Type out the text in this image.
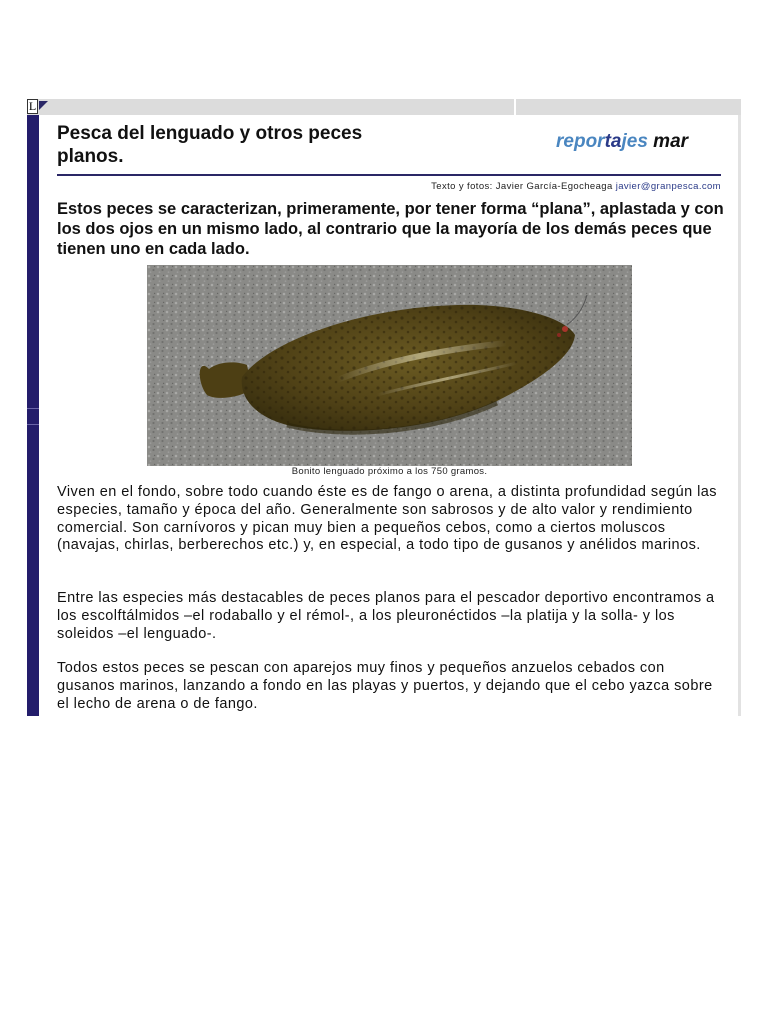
L
Pesca del lenguado y otros peces planos.
reportajes mar
Texto y fotos: Javier García-Egocheaga javier@granpesca.com
Estos peces se caracterizan, primeramente, por tener forma “plana”, aplastada y con los dos ojos en un mismo lado, al contrario que la mayoría de los demás peces que tienen uno en cada lado.
Bonito lenguado próximo a los 750 gramos.
Viven en el fondo, sobre todo cuando éste es de fango o arena, a distinta profundidad según las especies, tamaño y época del año. Generalmente son sabrosos y de alto valor y rendimiento comercial. Son carnívoros y pican muy bien a pequeños cebos, como a ciertos moluscos (navajas, chirlas, berberechos etc.) y, en especial, a todo tipo de gusanos y anélidos marinos.
Entre las especies más destacables de peces planos para el pescador deportivo encontramos a los escolftálmidos –el rodaballo y el rémol-, a los pleuronéctidos –la platija y la solla- y los soleidos –el lenguado-.
Todos estos peces se pescan con aparejos muy finos y pequeños anzuelos cebados con gusanos marinos, lanzando a fondo en las playas y puertos, y dejando que el cebo yazca sobre el lecho de arena o de fango.
